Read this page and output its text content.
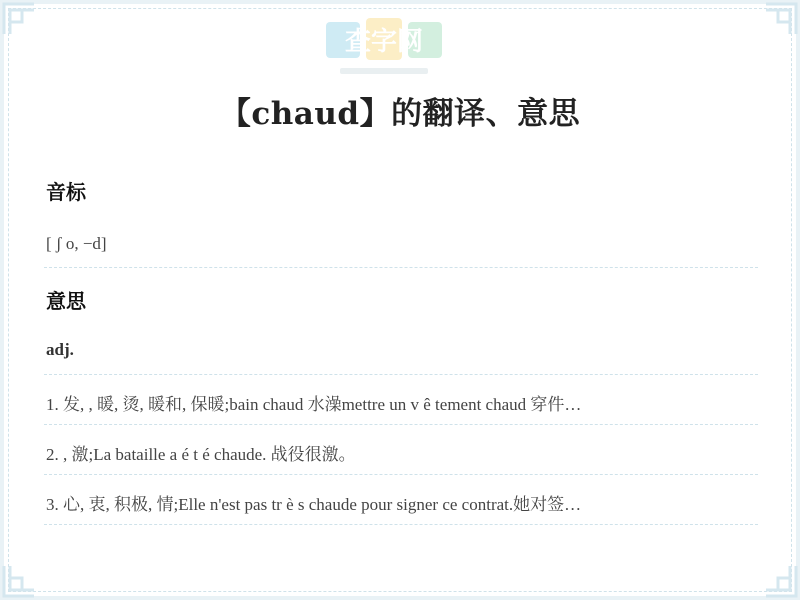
查字网
【chaud】的翻译、意思
音标
[ ʃ o, −d]
意思
adj.
1. 发, , 暖, 烫, 暖和, 保暖;bain chaud 水澡mettre un v ê tement chaud 穿件…
2. , 激;La bataille a é t é chaude. 战役很激。
3. 心, 衷, 积极, 情;Elle n'est pas tr è s chaude pour signer ce contrat.她对签…
